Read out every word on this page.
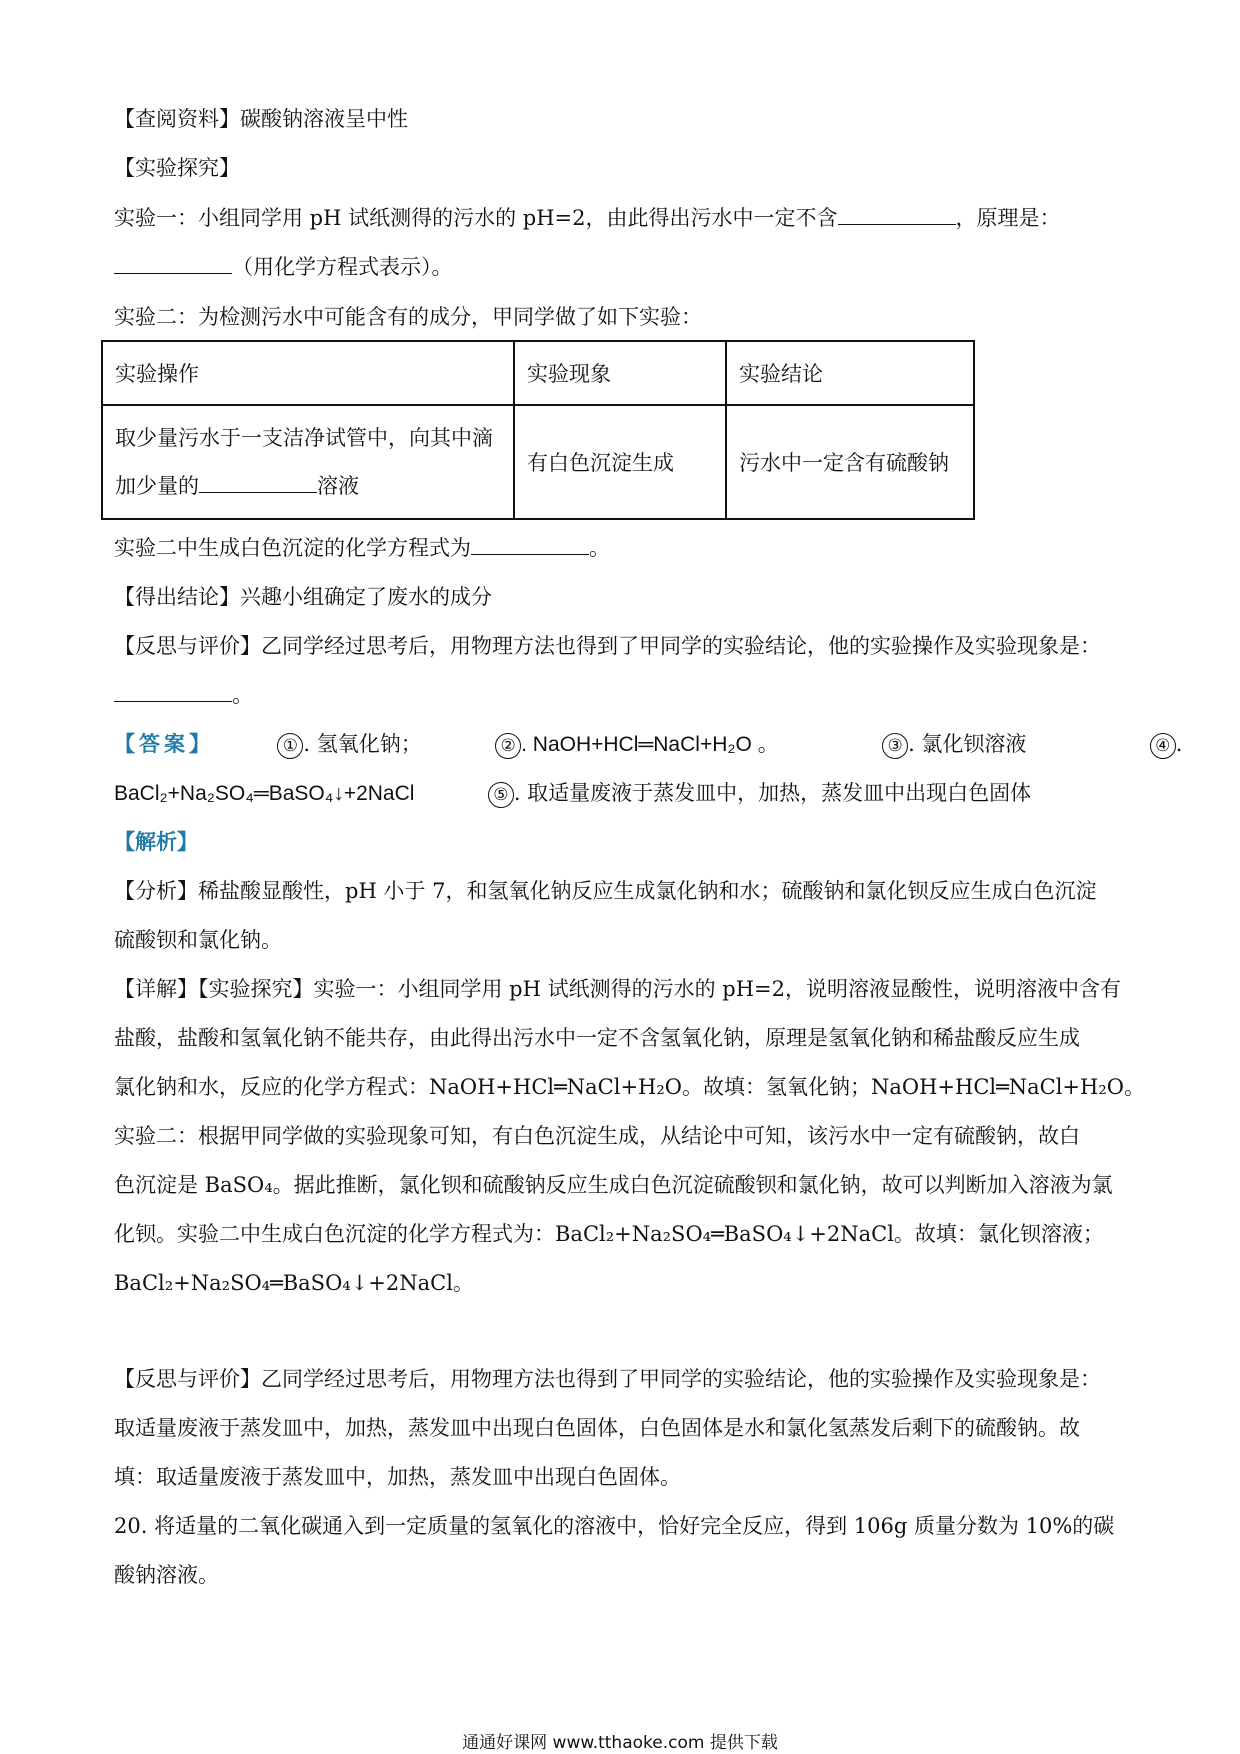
【查阅资料】碳酸钠溶液呈中性
【实验探究】
实验一：小组同学用 pH 试纸测得的污水的 pH=2，由此得出污水中一定不含	，原理是：
（用化学方程式表示）。
实验二：为检测污水中可能含有的成分，甲同学做了如下实验：
实验操作	实验现象	实验结论

取少量污水于一支洁净试管中，向其中滴
加少量的 溶液	有白色沉淀生成	污水中一定含有硫酸钠
实验二中生成白色沉淀的化学方程式为	。
【得出结论】兴趣小组确定了废水的成分
【反思与评价】乙同学经过思考后，用物理方法也得到了甲同学的实验结论，他的实验操作及实验现象是：
。
【答案】	① . 氢氧化钠；	② . NaOH+HCl═NaCl+H₂O 。	③ . 氯化钡溶液	④ .
BaCl₂+Na₂SO₄═BaSO₄↓+2NaCl	⑤ . 取适量废液于蒸发皿中，加热，蒸发皿中出现白色固体
【解析】
【分析】稀盐酸显酸性，pH 小于 7，和氢氧化钠反应生成氯化钠和水；硫酸钠和氯化钡反应生成白色沉淀
硫酸钡和氯化钠。
【详解】【实验探究】实验一：小组同学用 pH 试纸测得的污水的 pH=2，说明溶液显酸性，说明溶液中含有
盐酸，盐酸和氢氧化钠不能共存，由此得出污水中一定不含氢氧化钠，原理是氢氧化钠和稀盐酸反应生成
氯化钠和水，反应的化学方程式：NaOH+HCl═NaCl+H₂O。故填：氢氧化钠；NaOH+HCl═NaCl+H₂O。
实验二：根据甲同学做的实验现象可知，有白色沉淀生成，从结论中可知，该污水中一定有硫酸钠，故白
色沉淀是 BaSO₄。据此推断，氯化钡和硫酸钠反应生成白色沉淀硫酸钡和氯化钠，故可以判断加入溶液为氯
化钡。实验二中生成白色沉淀的化学方程式为：BaCl₂+Na₂SO₄═BaSO₄↓+2NaCl。故填：氯化钡溶液；
BaCl₂+Na₂SO₄═BaSO₄↓+2NaCl。
【反思与评价】乙同学经过思考后，用物理方法也得到了甲同学的实验结论，他的实验操作及实验现象是：
取适量废液于蒸发皿中，加热，蒸发皿中出现白色固体，白色固体是水和氯化氢蒸发后剩下的硫酸钠。故
填：取适量废液于蒸发皿中，加热，蒸发皿中出现白色固体。
20. 将适量的二氧化碳通入到一定质量的氢氧化的溶液中，恰好完全反应，得到 106g 质量分数为 10%的碳
酸钠溶液。
通通好课网 www.tthaoke.com 提供下载
